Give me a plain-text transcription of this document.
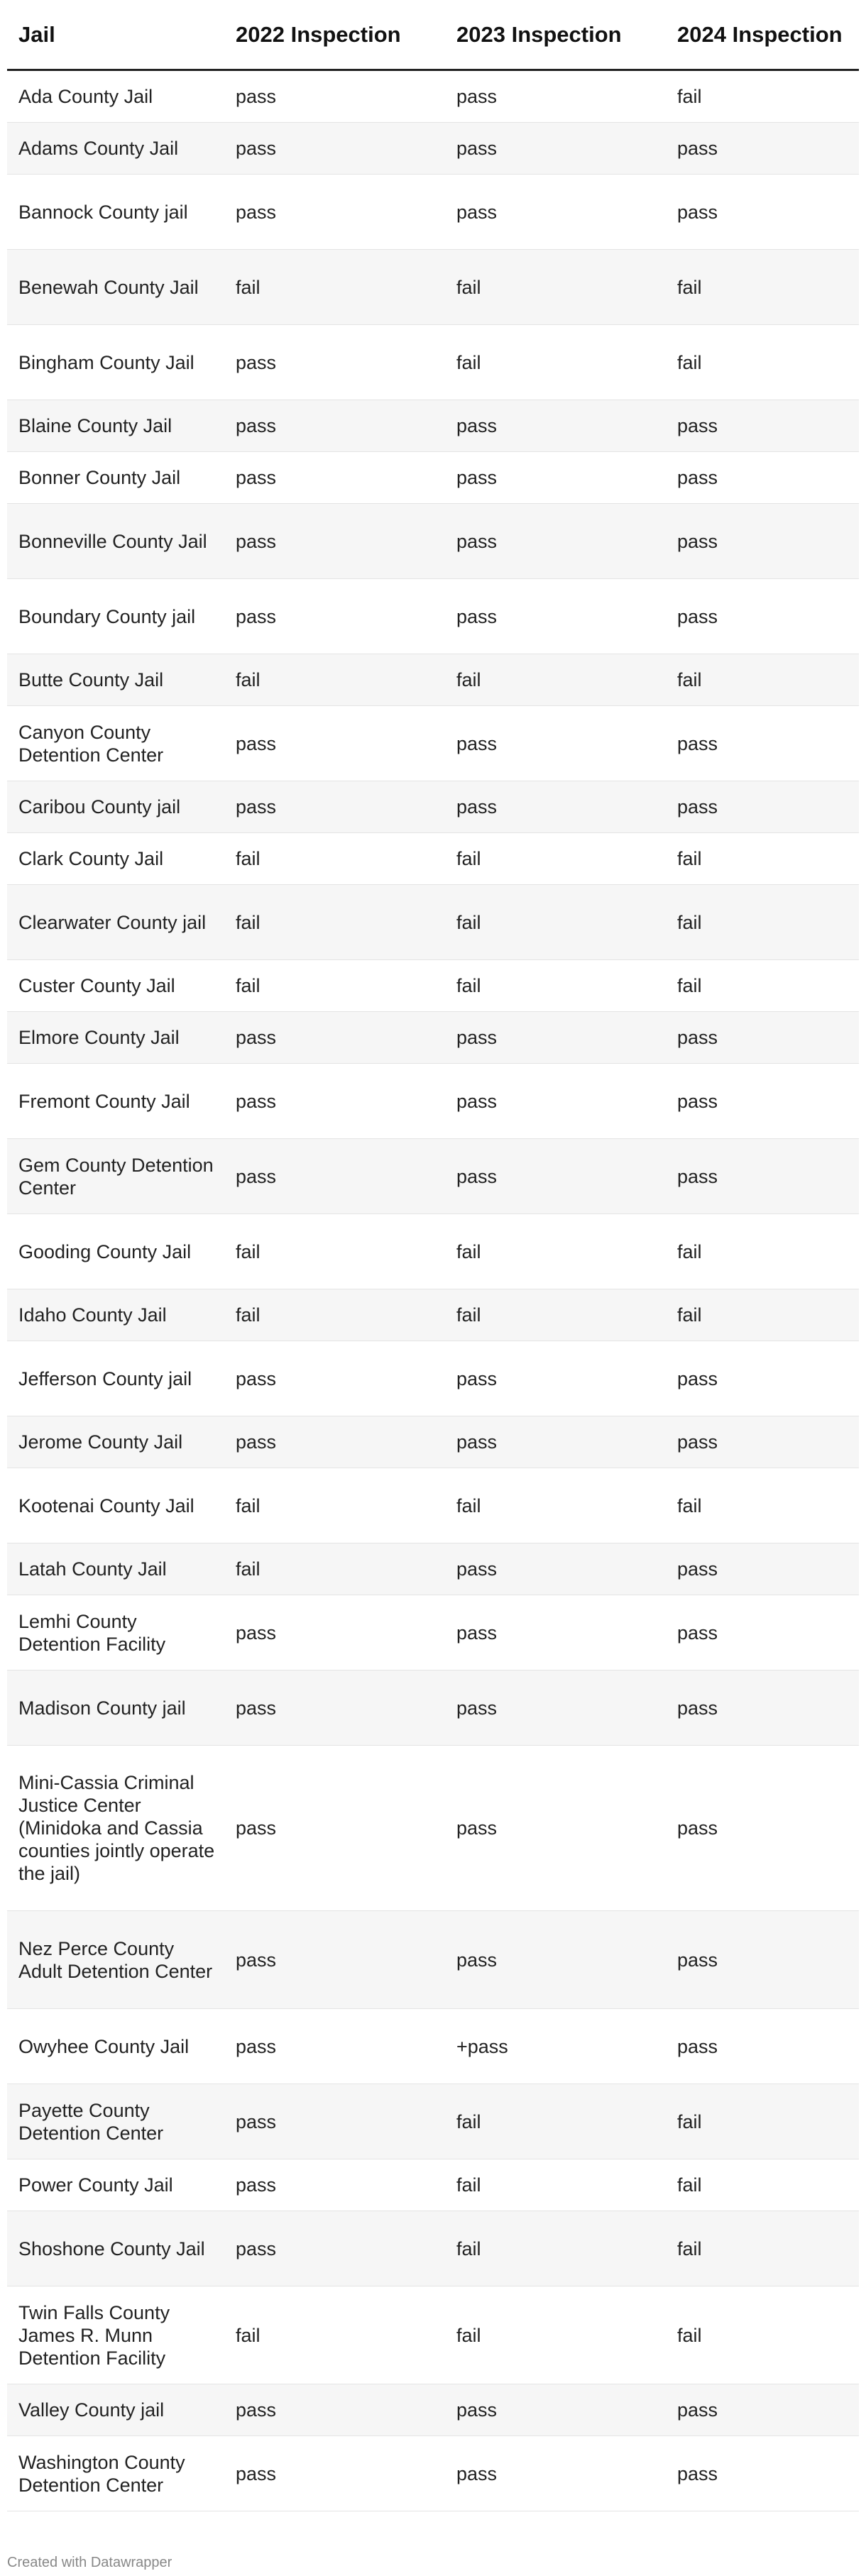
Jail	2022 Inspection	2023 Inspection	2024 Inspection
Ada County Jail	pass	pass	fail
Adams County Jail	pass	pass	pass
Bannock County jail	pass	pass	pass
Benewah County Jail	fail	fail	fail
Bingham County Jail	pass	fail	fail
Blaine County Jail	pass	pass	pass
Bonner County Jail	pass	pass	pass
Bonneville County Jail	pass	pass	pass
Boundary County jail	pass	pass	pass
Butte County Jail	fail	fail	fail
Canyon County Detention Center	pass	pass	pass
Caribou County jail	pass	pass	pass
Clark County Jail	fail	fail	fail
Clearwater County jail	fail	fail	fail
Custer County Jail	fail	fail	fail
Elmore County Jail	pass	pass	pass
Fremont County Jail	pass	pass	pass
Gem County Detention Center	pass	pass	pass
Gooding County Jail	fail	fail	fail
Idaho County Jail	fail	fail	fail
Jefferson County jail	pass	pass	pass
Jerome County Jail	pass	pass	pass
Kootenai County Jail	fail	fail	fail
Latah County Jail	fail	pass	pass
Lemhi County Detention Facility	pass	pass	pass
Madison County jail	pass	pass	pass
Mini-Cassia Criminal Justice Center (Minidoka and Cassia counties jointly operate the jail)	pass	pass	pass
Nez Perce County Adult Detention Center	pass	pass	pass
Owyhee County Jail	pass	+pass	pass
Payette County Detention Center	pass	fail	fail
Power County Jail	pass	fail	fail
Shoshone County Jail	pass	fail	fail
Twin Falls County James R. Munn Detention Facility	fail	fail	fail
Valley County jail	pass	pass	pass
Washington County Detention Center	pass	pass	pass
Created with Datawrapper
